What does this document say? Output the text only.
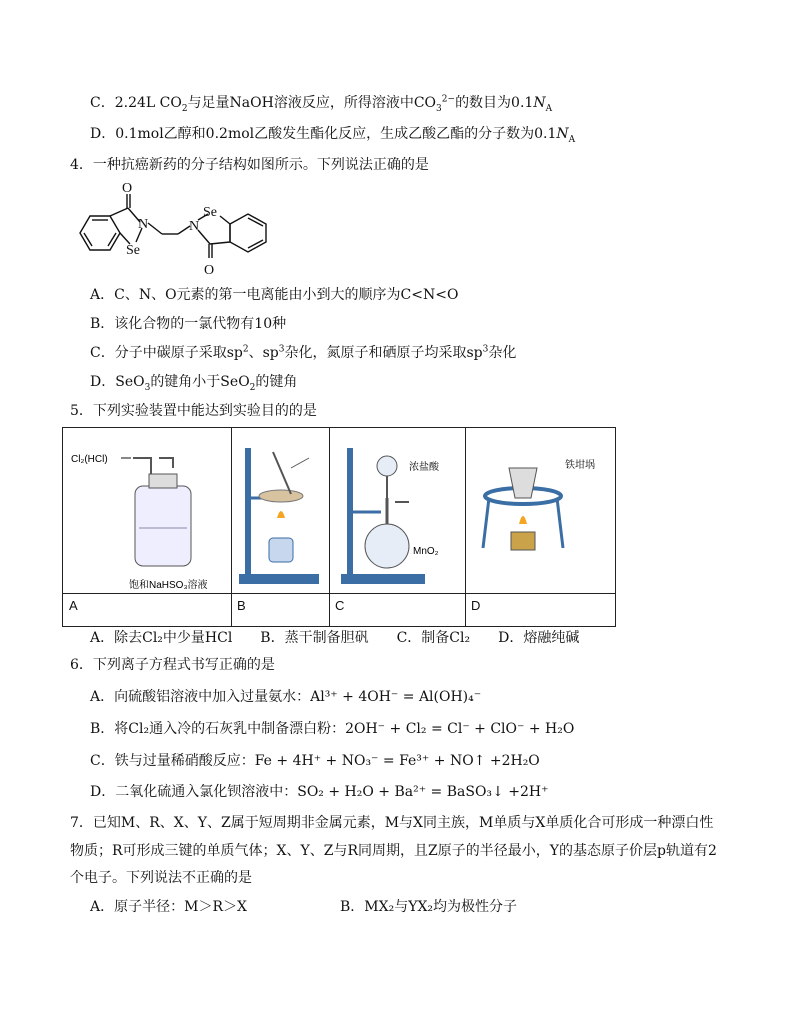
C．2.24L $CO_2$与足量NaOH溶液反应，所得溶液中$CO_3^{2-}$的数目为$0.1N_A$
D．0.1mol乙醇和0.2mol乙酸发生酯化反应，生成乙酸乙酯的分子数为$0.1N_A$
4．一种抗癌新药的分子结构如图所示。下列说法正确的是
O
N
Se
Se
N
O
A．C、N、O元素的第一电离能由小到大的顺序为C<N<O
B．该化合物的一氯代物有10种
C．分子中碳原子采取$sp^2$、$sp^3$杂化，氮原子和硒原子均采取$sp^3$杂化
D．SeO$_3$的键角小于SeO$_2$的键角
5．下列实验装置中能达到实验目的的是
Cl₂(HCl)
饱和NaHSO₃溶液
A	B
浓盐酸
MnO₂
C
铁坩埚
D
A．除去Cl₂中少量HCl　　B．蒸干制备胆矾　　C．制备Cl₂　　D．熔融纯碱
6．下列离子方程式书写正确的是
A．向硫酸铝溶液中加入过量氨水：Al³⁺ + 4OH⁻ = Al(OH)₄⁻
B．将Cl₂通入冷的石灰乳中制备漂白粉：2OH⁻ + Cl₂ = Cl⁻ + ClO⁻ + H₂O
C．铁与过量稀硝酸反应：Fe + 4H⁺ + NO₃⁻ = Fe³⁺ + NO↑ +2H₂O
D．二氧化硫通入氯化钡溶液中：SO₂ + H₂O + Ba²⁺ = BaSO₃↓ +2H⁺
7．已知M、R、X、Y、Z属于短周期非金属元素，M与X同主族，M单质与X单质化合可形成一种漂白性
物质；R可形成三键的单质气体；X、Y、Z与R同周期，且Z原子的半径最小，Y的基态原子价层p轨道有2
个电子。下列说法不正确的是
A．原子半径：M＞R＞X	B．MX₂与YX₂均为极性分子
